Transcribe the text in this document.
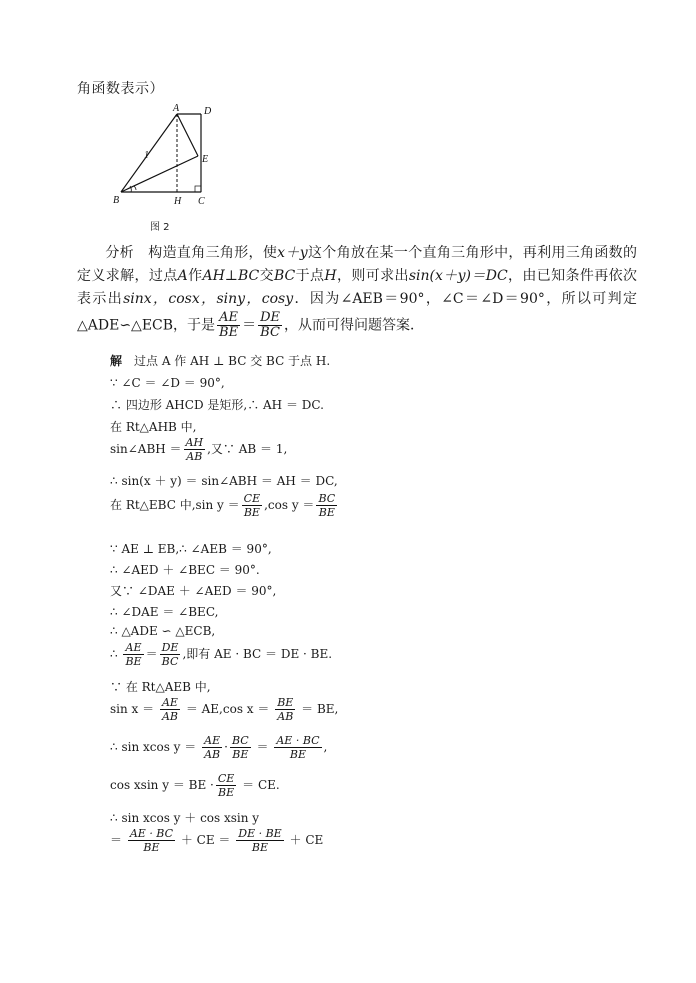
角函数表示）
A D
E
B	H C
1
图 2

分析　构造直角三角形，使x＋y这个角放在某一个直角三角形中，再利用三角函数的定义求解，过点A作AH⊥BC交BC于点H，则可求出sin(x＋y)＝DC，由已知条件再依次表示出sinx，cosx，siny，cosy．因为∠AEB＝90°，∠C＝∠D＝90°，所以可判定△ADE∽△ECB，于是 $\frac{AE}{BE} = \frac{DE}{BC}$ ，从而可得问题答案．

解　过点 A 作 AH ⊥ BC 交 BC 于点 H.
∵ ∠C ＝ ∠D ＝ 90°,
∴ 四边形 AHCD 是矩形,∴ AH ＝ DC.
在 Rt△AHB 中,
sin∠ABH ＝ $\frac{AH}{AB}$ ,又∵ AB ＝ 1,
∴ sin(x ＋ y) ＝ sin∠ABH ＝ AH ＝ DC,
在 Rt△EBC 中,sin $y = \frac{CE}{BE} ,\cos$ $y = \frac{BC}{BE}$
∵ AE ⊥ EB,∴ ∠AEB ＝ 90°,
∴ ∠AED ＋ ∠BEC ＝ 90°.
又∵ ∠DAE ＋ ∠AED ＝ 90°,
∴ ∠DAE ＝ ∠BEC,
∴ △ADE ∽ △ECB,
∴ $\frac{AE}{BE} = \frac{DE}{BC}$ ,即有 AE · BC ＝ DE · BE.
∵ 在 Rt△AEB 中,
$\sin x = \frac{AE}{AB} = AE,\cos$ $x = \frac{BE}{AB}$ ＝ BE,
∴ sin xcos $y = \frac{AE}{AB} \cdot \frac{BC}{BE} = \frac{AE \cdot BC}{BE}$ ,
cos xsin y ＝ BE · $\frac{CE}{BE}$ ＝ CE.
∴ sin xcos y ＋ cos xsin y
＝ $\frac{AE \cdot BC}{BE}$ ＋ CE ＝ $\frac{DE \cdot BE}{BE}$ ＋ CE
